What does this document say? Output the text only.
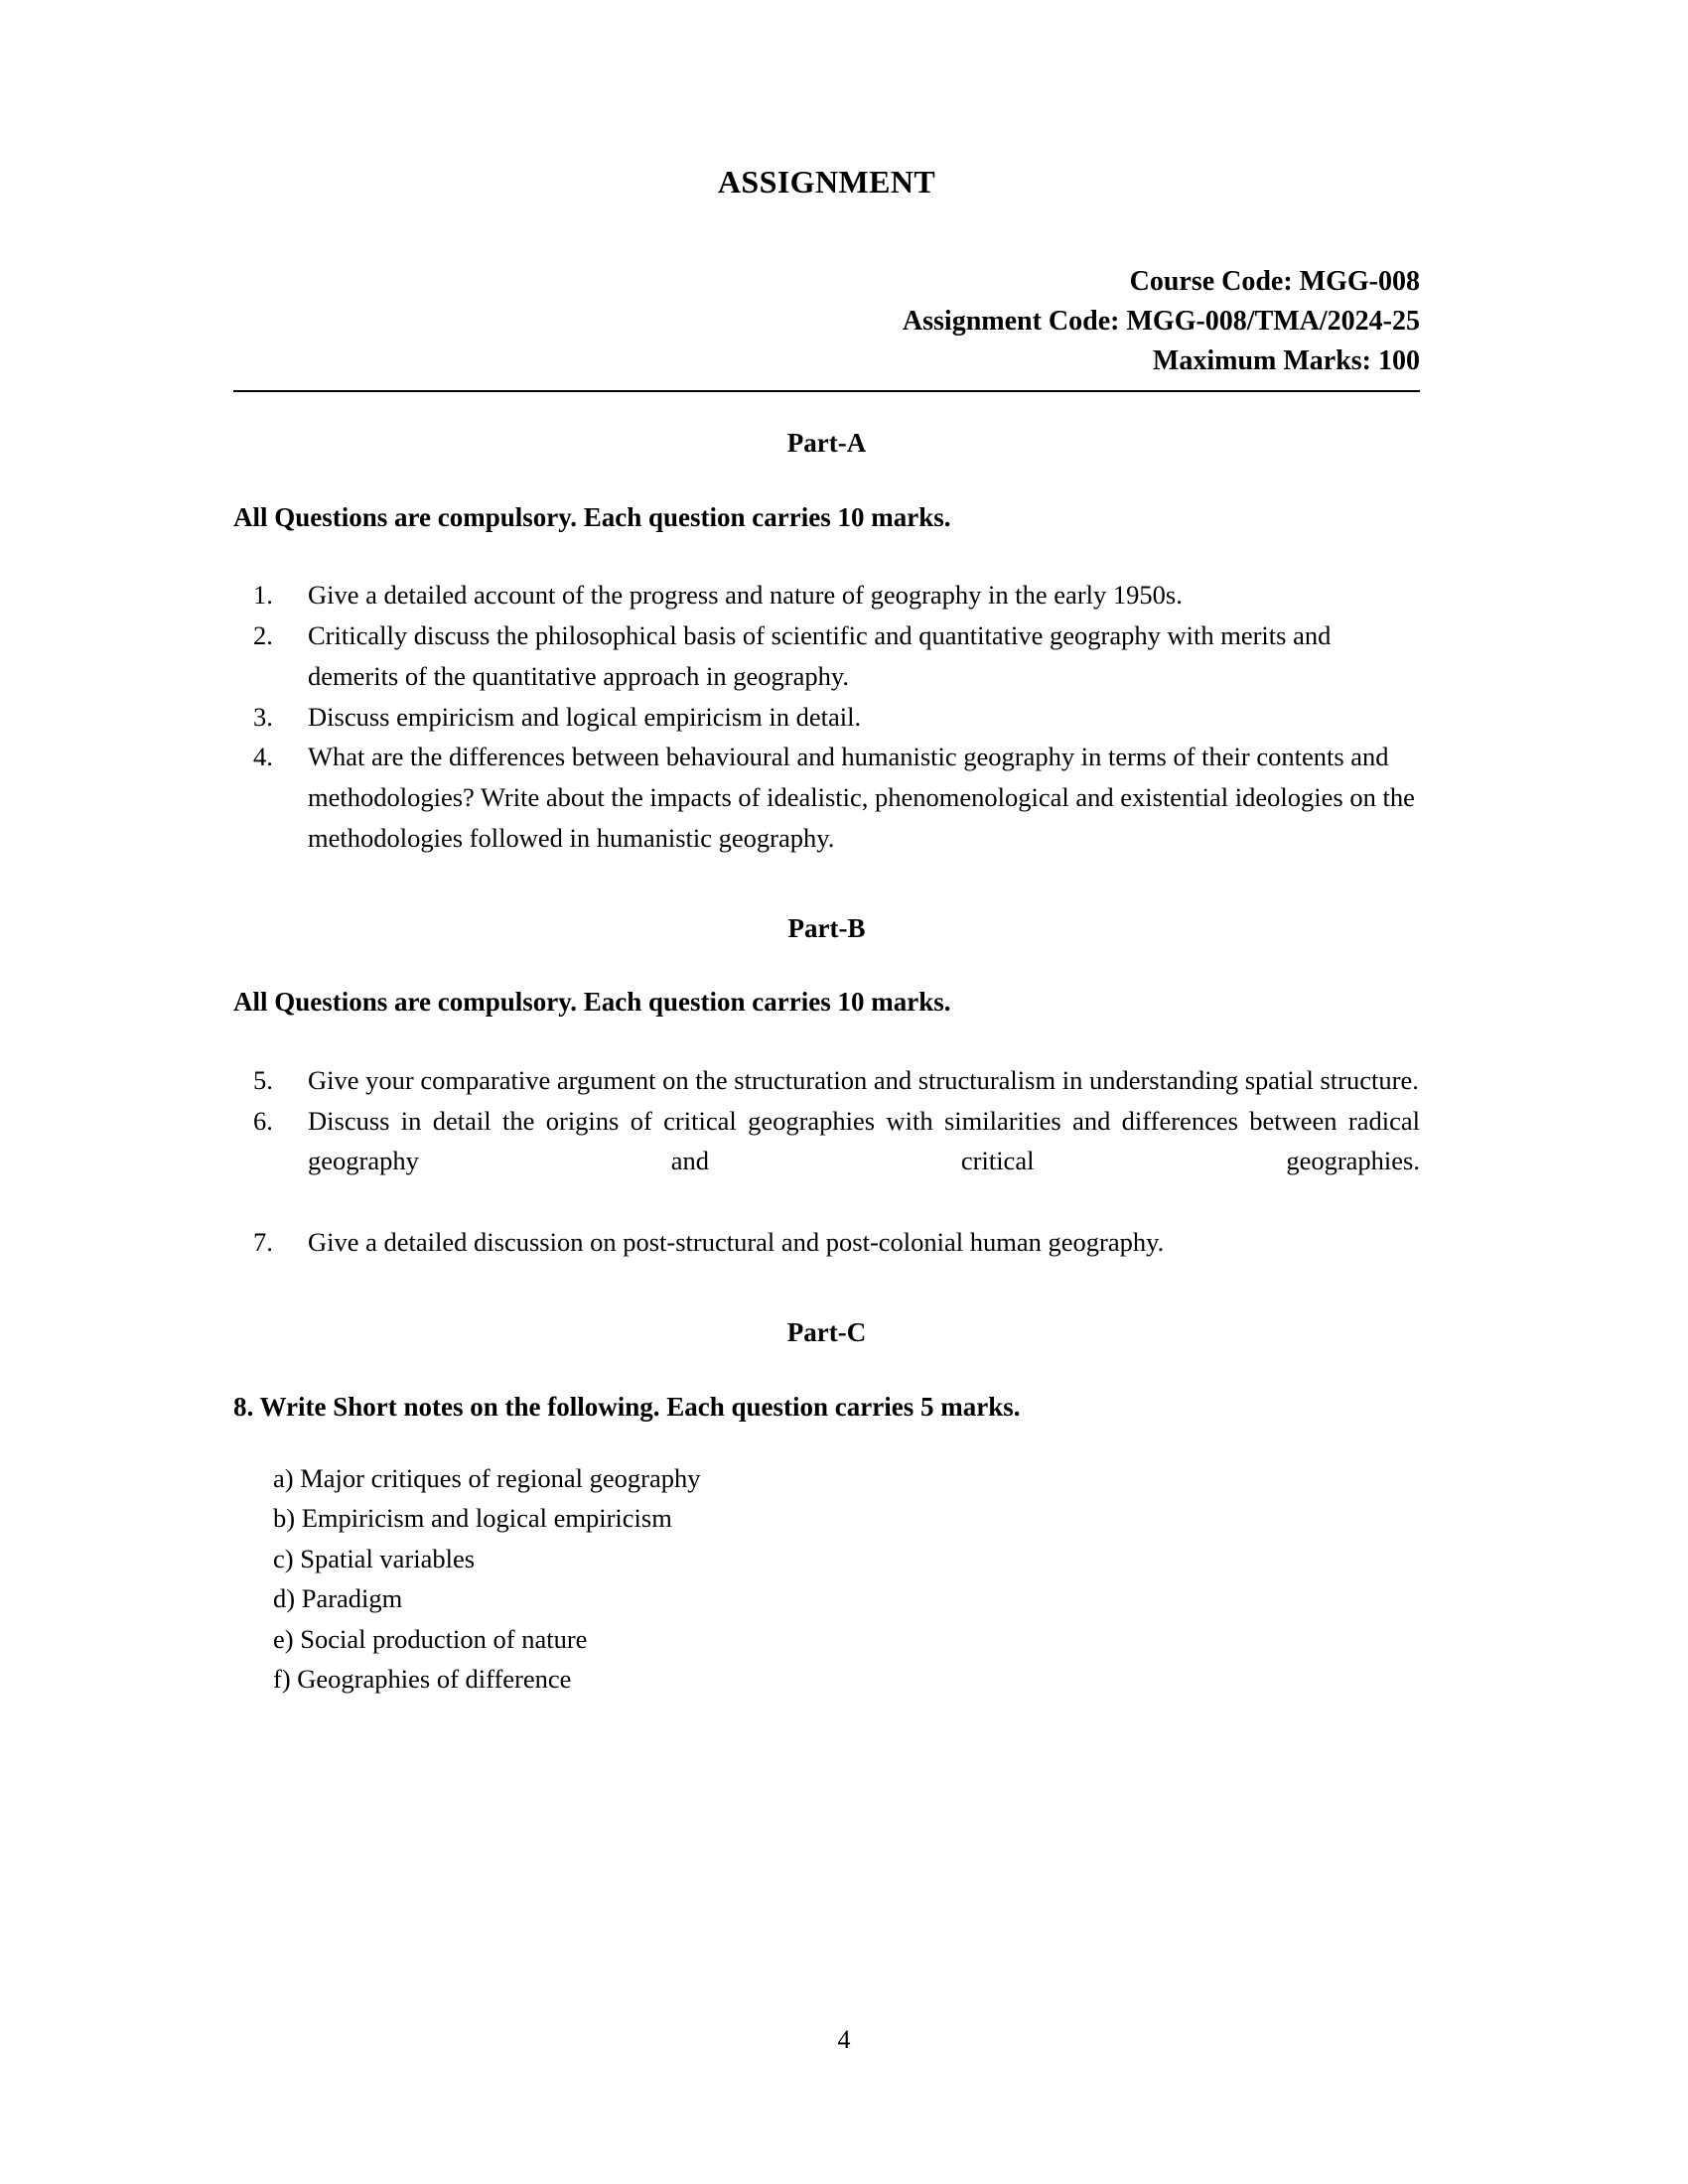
ASSIGNMENT
Course Code: MGG-008
Assignment Code: MGG-008/TMA/2024-25
Maximum Marks: 100
Part-A

All Questions are compulsory. Each question carries 10 marks.

1.	Give a detailed account of the progress and nature of geography in the early 1950s.
2.	Critically discuss the philosophical basis of scientific and quantitative geography with merits and demerits of the quantitative approach in geography.
3.	Discuss empiricism and logical empiricism in detail.
4.	What are the differences between behavioural and humanistic geography in terms of their contents and methodologies? Write about the impacts of idealistic, phenomenological and existential ideologies on the methodologies followed in humanistic geography.
Part-B

All Questions are compulsory. Each question carries 10 marks.

5.	Give your comparative argument on the structuration and structuralism in understanding spatial structure.
6.	Discuss in detail the origins of critical geographies with similarities and differences between radical geography and critical geographies.
7.	Give a detailed discussion on post-structural and post-colonial human geography.
Part-C

8. Write Short notes on the following. Each question carries 5 marks.

a) Major critiques of regional geography
b) Empiricism and logical empiricism
c) Spatial variables
d) Paradigm
e) Social production of nature
f) Geographies of difference
4
